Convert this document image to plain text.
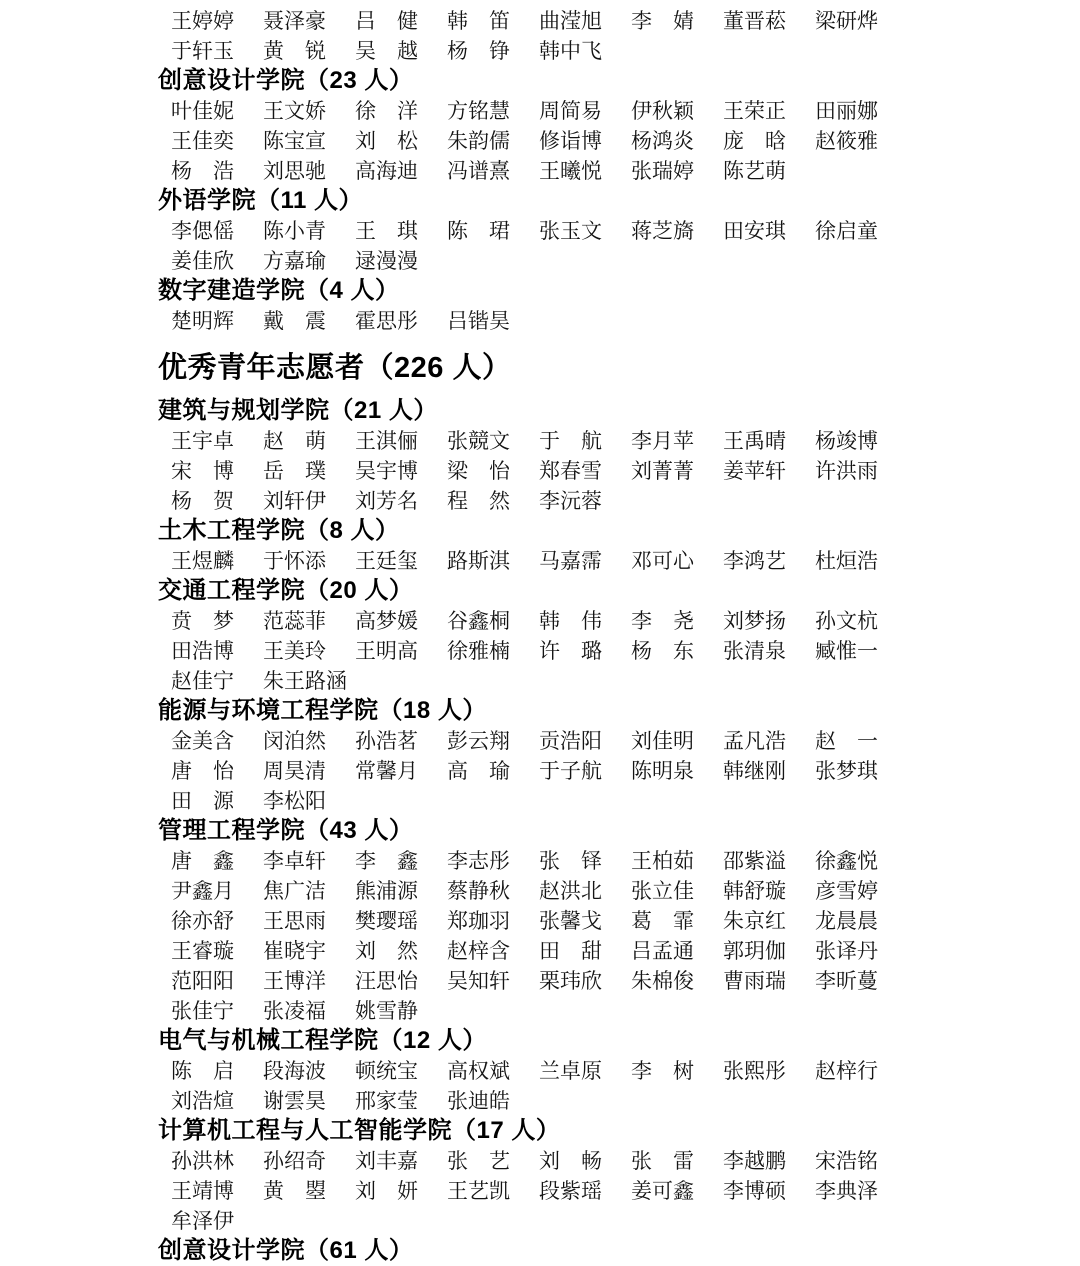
王婷婷	聂泽豪	吕　健	韩　笛	曲滢旭	李　婧	董晋菘	梁研烨
于轩玉	黄　锐	吴　越	杨　铮	韩中飞
创意设计学院（23 人）
叶佳妮	王文娇	徐　洋	方铭慧	周简易	伊秋颖	王荣正	田丽娜
王佳奕	陈宝宣	刘　松	朱韵儒	修诣博	杨鸿炎	庞　晗	赵筱雅
杨　浩	刘思驰	高海迪	冯谱熹	王曦悦	张瑞婷	陈艺萌
外语学院（11 人）
李偲傜	陈小青	王　琪	陈　珺	张玉文	蒋芝旖	田安琪	徐启童
姜佳欣	方嘉瑜	逯漫漫
数字建造学院（4 人）
楚明辉	戴　震	霍思彤	吕锴昊
优秀青年志愿者（226 人）
建筑与规划学院（21 人）
王宇卓	赵　萌	王淇俪	张競文	于　航	李月苹	王禹晴	杨竣博
宋　博	岳　璞	吴宇博	梁　怡	郑春雪	刘菁菁	姜苹轩	许洪雨
杨　贺	刘轩伊	刘芳名	程　然	李沅蓉
土木工程学院（8 人）
王煜麟	于怀添	王廷玺	路斯淇	马嘉霈	邓可心	李鸿艺	杜烜浩
交通工程学院（20 人）
贲　梦	范蕊菲	高梦媛	谷鑫桐	韩　伟	李　尧	刘梦扬	孙文杭
田浩博	王美玲	王明高	徐雅楠	许　璐	杨　东	张清泉	臧惟一
赵佳宁	朱王路涵
能源与环境工程学院（18 人）
金美含	闵泊然	孙浩茗	彭云翔	贡浩阳	刘佳明	孟凡浩	赵　一
唐　怡	周昊清	常馨月	高　瑜	于子航	陈明泉	韩继刚	张梦琪
田　源	李松阳
管理工程学院（43 人）
唐　鑫	李卓轩	李　鑫	李志彤	张　铎	王柏茹	邵紫溢	徐鑫悦
尹鑫月	焦广洁	熊浦源	蔡静秋	赵洪北	张立佳	韩舒璇	彦雪婷
徐亦舒	王思雨	樊璎瑶	郑珈羽	张馨戈	葛　霏	朱京红	龙晨晨
王睿璇	崔晓宇	刘　然	赵梓含	田　甜	吕孟通	郭玥伽	张译丹
范阳阳	王博洋	汪思怡	吴知轩	栗玮欣	朱棉俊	曹雨瑞	李昕蔓
张佳宁	张凌福	姚雪静
电气与机械工程学院（12 人）
陈　启	段海波	顿统宝	高权斌	兰卓原	李　树	张熙彤	赵梓行
刘浩煊	谢雲昊	邢家莹	张迪皓
计算机工程与人工智能学院（17 人）
孙洪林	孙绍奇	刘丰嘉	张　艺	刘　畅	张　雷	李越鹏	宋浩铭
王靖博	黄　曌	刘　妍	王艺凯	段紫瑶	姜可鑫	李博硕	李典泽
牟泽伊
创意设计学院（61 人）
